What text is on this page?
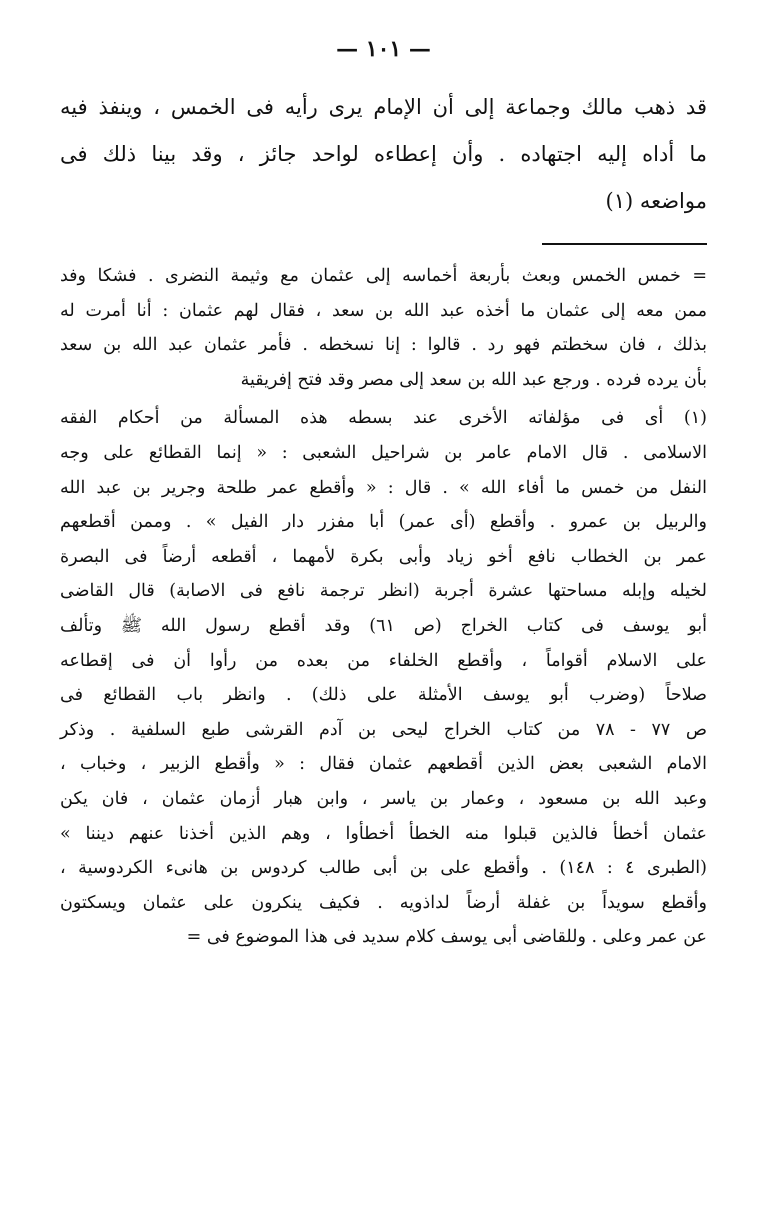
— ١٠١ —
قد ذهب مالك وجماعة إلى أن الإمام يرى رأيه فى الخمس ، وينفذ فيه
ما أداه إليه اجتهاده . وأن إعطاءه لواحد جائز ، وقد بينا ذلك فى
مواضعه (١)
= خمس الخمس وبعث بأربعة أخماسه إلى عثمان مع وثيمة النضرى . فشكا وفد
ممن معه إلى عثمان ما أخذه عبد الله بن سعد ، فقال لهم عثمان : أنا أمرت له
بذلك ، فان سخطتم فهو رد . قالوا : إنا نسخطه . فأمر عثمان عبد الله بن سعد
بأن يرده فرده . ورجع عبد الله بن سعد إلى مصر وقد فتح إفريقية
(١) أى فى مؤلفاته الأخرى عند بسطه هذه المسألة من أحكام الفقه
الاسلامى . قال الامام عامر بن شراحيل الشعبى : « إنما القطائع على وجه
النفل من خمس ما أفاء الله » . قال : « وأقطع عمر طلحة وجرير بن عبد الله
والربيل بن عمرو . وأقطع (أى عمر) أبا مفزر دار الفيل » . وممن أقطعهم
عمر بن الخطاب نافع أخو زياد وأبى بكرة لأمهما ، أقطعه أرضاً فى البصرة
لخيله وإبله مساحتها عشرة أجربة (انظر ترجمة نافع فى الاصابة) قال القاضى
أبو يوسف فى كتاب الخراج (ص ٦١) وقد أقطع رسول الله ﷺ وتألف
على الاسلام أقواماً ، وأقطع الخلفاء من بعده من رأوا أن فى إقطاعه
صلاحاً (وضرب أبو يوسف الأمثلة على ذلك) . وانظر باب القطائع فى
ص ٧٧ - ٧٨ من كتاب الخراج ليحى بن آدم القرشى طبع السلفية . وذكر
الامام الشعبى بعض الذين أقطعهم عثمان فقال : « وأقطع الزبير ، وخباب ،
وعبد الله بن مسعود ، وعمار بن ياسر ، وابن هبار أزمان عثمان ، فان يكن
عثمان أخطأ فالذين قبلوا منه الخطأ أخطأوا ، وهم الذين أخذنا عنهم ديننا »
(الطبرى ٤ : ١٤٨) . وأقطع على بن أبى طالب كردوس بن هانىء الكردوسية ،
وأقطع سويداً بن غفلة أرضاً لداذويه . فكيف ينكرون على عثمان ويسكتون
عن عمر وعلى . وللقاضى أبى يوسف كلام سديد فى هذا الموضوع فى =
